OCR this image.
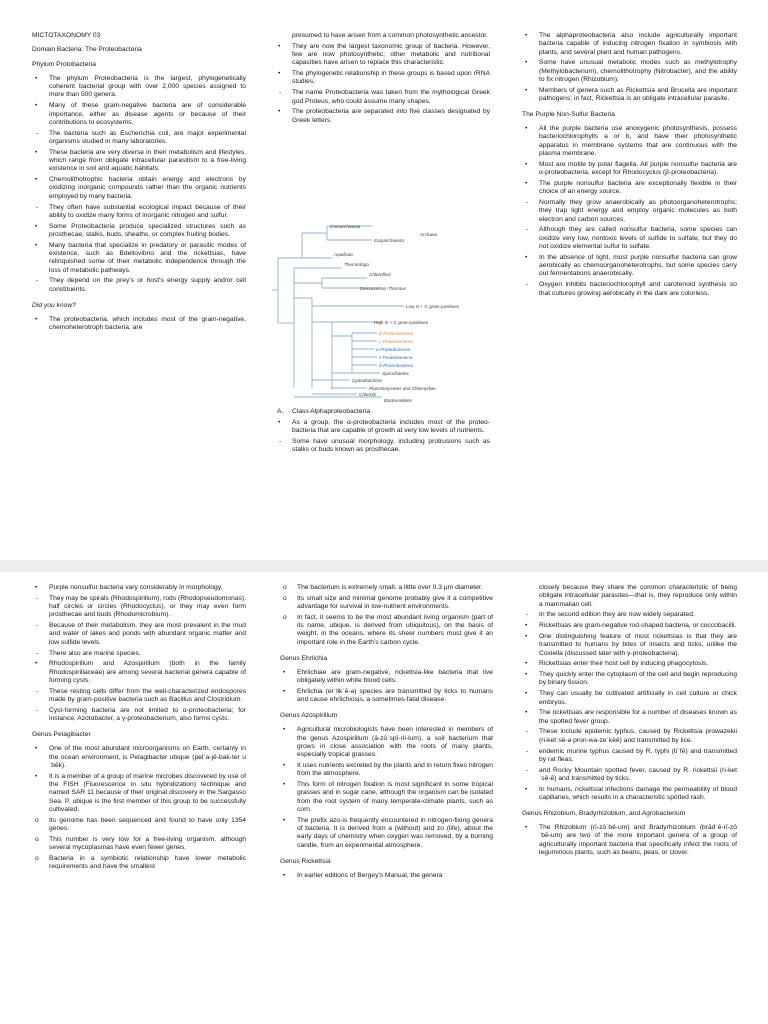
MICTOTAXONOMY 03

Domain Bacteria: The Proteobacteria

Phylum Protobacteria

• The phylum Proteobacteria is the largest, phylogenetically coherent bacterial group with over 2,000 species assigned to more than 500 genera.
• Many of these gram-negative bacteria are of considerable importance, either as disease agents or because of their contributions to ecosystems.
- The bacteria such as Escherichia coli, are major experimental organisms studied in many laboratories.
• These bacteria are very diverse in their metabolism and lifestyles, which range from obligate intracellular parasitism to a free-living existence in soil and aquatic habitats.
• Chemolithotrophic bacteria obtain energy and electrons by oxidizing inorganic compounds rather than the organic nutrients employed by many bacteria.
- They often have substantial ecological impact because of their ability to oxidize many forms of inorganic nitrogen and sulfur.
• Some Proteobacteria produce specialized structures such as prosthecae, stalks, buds, sheaths, or complex fruiting bodies.
• Many bacteria that specialize in predatory or parasitic modes of existence, such as Bdellovibrio and the rickettsias, have relinquished some of their metabolic independence through the loss of metabolic pathways.
- They depend on the prey's or host's energy supply and/or cell constituents.

Did you know?

• The proteobacteria, which includes most of the gram-negative, chemoheterotroph bacteria, are
presumed to have arisen from a common photosynthetic ancestor.
• They are now the largest taxonomic group of bacteria. However, few are now photosynthetic; other metabolic and nutritional capacities have arisen to replace this characteristic.
• The phylogenetic relationship in these groups is based upon rRNA studies.
- The name Proteobacteria was taken from the mythological Greek god Proteus, who could assume many shapes.
• The proteobacteria are separated into five classes designated by Greek letters.
Crenarchaeota
Euryarchaeota
Archaea
Aquificae
Thermotoga
Chloroflexi
Deinococcus-Thermus
Low G + C gram-positives
High G + C gram-positives
β-Proteobacteria
γ-Proteobacteria
α-Proteobacteria
ε-Proteobacteria
δ-Proteobacteria
Spirochaetes
Cyanobacteria
Planctomycetes and Chlamydiae
Chlorobi
Bacteroidetes
A. Class Alphaproteobacteria
• As a group, the α-proteobacteria includes most of the proteo-bacteria that are capable of growth at very low levels of nutrients.
- Some have unusual morphology, including protrusions such as stalks or buds known as prosthecae.
• The alphaproteobacteria also include agriculturally important bacteria capable of inducing nitrogen fixation in symbiosis with plants, and several plant and human pathogens.
• Some have unusual metabolic modes such as methylotrophy (Methylobacterium), chemolithotrophy (Nitrobacter), and the ability to fix nitrogen (Rhizobium).
• Members of genera such as Rickettsia and Brucella are important pathogens; in fact, Rickettsia is an obligate intracellular parasite.

The Purple Non-Sulfur Bacteria

• All the purple bacteria use anoxygenic photosynthesis, possess bacteriochlorophylls a or b, and have their photosynthetic apparatus in membrane systems that are continuous with the plasma membrane.
• Most are motile by polar flagella. All purple nonsulfur bacteria are α-proteobacteria, except for Rhodocyclus (β-proteobacteria).
• The purple nonsulfur bacteria are exceptionally flexible in their choice of an energy source.
- Normally they grow anaerobically as photoorganoheterotrophs; they trap light energy and employ organic molecules as both electron and carbon sources.
- Although they are called nonsulfur bacteria, some species can oxidize very low, nontoxic levels of sulfide to sulfate, but they do not oxidize elemental sulfur to sulfate.
• In the absence of light, most purple nonsulfur bacteria can grow aerobically as chemoorganoheterotrophs, but some species carry out fermentations anaerobically.
- Oxygen inhibits bacteriochlorophyll and carotenoid synthesis so that cultures growing aerobically in the dark are colorless.
• Purple nonsulfur bacteria vary considerably in morphology.
- They may be spirals (Rhodospirillum), rods (Rhodopseudomonas), half circles or circles (Rhodocyclus), or they may even form prosthecae and buds (Rhodomicrobium).
- Because of their metabolism, they are most prevalent in the mud and water of lakes and ponds with abundant organic matter and low sulfide levels.
- There also are marine species.
• Rhodospirillum and Azospirillum (both in the family Rhodospirillaceae) are among several bacterial genera capable of forming cysts.
- These resting cells differ from the well-characterized endospores made by gram-positive bacteria such as Bacillus and Clostridium.
- Cyst-forming bacteria are not limited to α-proteobacteria; for instance, Azotobacter, a γ-proteobacterium, also forms cysts.

Genus Pelagibacter

• One of the most abundant microorganisms on Earth, certainly in the ocean environment, is Pelagibacter ubique (pelˈa-jē-bak-ter uˈbēk).
• It is a member of a group of marine microbes discovered by use of the FISH (Fluorescence in situ hybridization) technique and named SAR 11 because of their original discovery in the Sargasso Sea. P. ubique is the first member of this group to be successfully cultivated.
o Its genome has been sequenced and found to have only 1354 genes.
o This number is very low for a free-living organism, although several mycoplasmas have even fewer genes.
o Bacteria in a symbiotic relationship have lower metabolic requirements and have the smallest
o The bacterium is extremely small, a little over 0.3 µm diameter.
o Its small size and minimal genome probably give it a competitive advantage for survival in low-nutrient environments.
o In fact, it seems to be the most abundant living organism (part of its name, ubique, is derived from ubiquitous), on the basis of weight, in the oceans, where its sheer numbers must give it an important role in the Earth's carbon cycle.

Genus Ehrlichia

• Ehrlichiae are gram-negative, rickettsia-like bacteria that live obligately within white blood cells.
• Ehrlichia (erˈlikˈē-ə) species are transmitted by ticks to humans and cause ehrlichiosis, a sometimes-fatal disease.

Genus Azospirillum

• Agricultural microbiologists have been interested in members of the genus Azospirillum (ā-zōˈspī-ril-lum), a soil bacterium that grows in close association with the roots of many plants, especially tropical grasses.
• It uses nutrients excreted by the plants and in return fixes nitrogen from the atmosphere.
• This form of nitrogen fixation is most significant in some tropical grasses and in sugar cane, although the organism can be isolated from the root system of many temperate-climate plants, such as corn.
• The prefix azo-is frequently encountered in nitrogen-fixing genera of bacteria. It is derived from a (without) and zo (life), about the early days of chemistry when oxygen was removed, by a burning candle, from an experimental atmosphere.

Genus Rickettsia

• In earlier editions of Bergey's Manual, the genera
closely because they share the common characteristic of being obligate intracellular parasites—that is, they reproduce only within a mammalian cell.
- In the second edition they are now widely separated.
• Rickettsias are gram-negative rod-shaped bacteria, or coccobacilli.
• One distinguishing feature of most rickettsias is that they are transmitted to humans by bites of insects and ticks, unlike the Coxiella (discussed later with γ-proteobacteria).
• Rickettsias enter their host cell by inducing phagocytosis.
• They quickly enter the cytoplasm of the cell and begin reproducing by binary fission.
• They can usually be cultivated artificially in cell culture or chick embryos.
• The rickettsias are responsible for a number of diseases known as the spotted fever group.
- These include epidemic typhus, caused by Rickettsia prowazekii (ri-ketˈsē-ə pron-wə-zeˈkēē) and transmitted by lice.
- endemic murine typhus caused by R. typhi (tīˈfē) and transmitted by rat fleas.
- and Rocky Mountain spotted fever, caused by R. rickettsii (ri-ketˈsē-ē) and transmitted by ticks.
• In humans, rickettsial infections damage the permeability of blood capillaries, which results in a characteristic spotted rash.

Genus Rhizobium, Bradyrhizobium, and Agrobacterium

• The Rhizobium (rī-zōˈbē-um) and Bradyrhizobium (brādˈē-rī-zōˈbē-um) are two of the more important genera of a group of agriculturally important bacteria that specifically infect the roots of leguminous plants, such as beans, peas, or clover.
